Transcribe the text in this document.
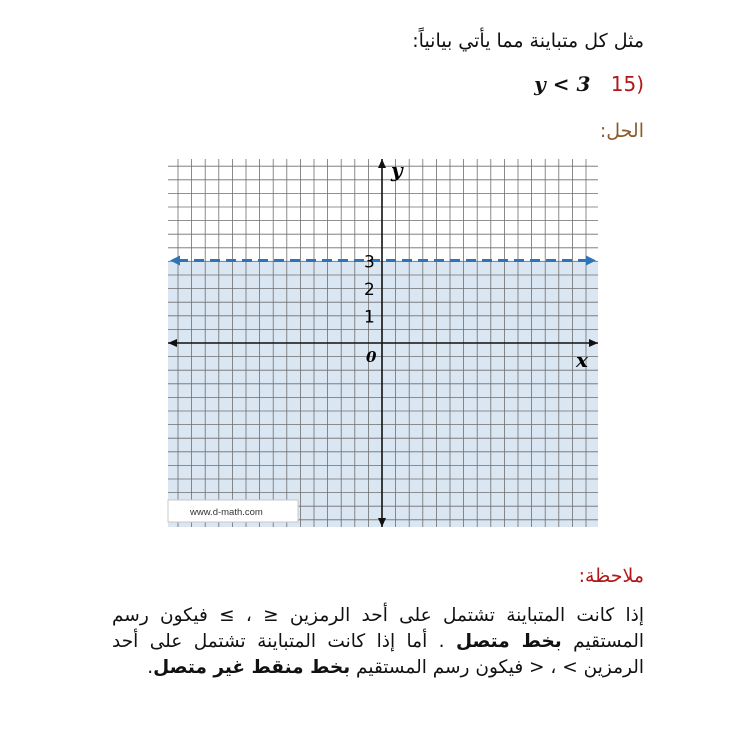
مثل كل متباينة مما يأتي بيانياً:
(15 y < 3
الحل:
y
x
0
1
2
3
www.d-math.com
ملاحظة:
إذا كانت المتباينة تشتمل على أحد الرمزين ≤ ، ≥ فيكون رسم المستقيم بخط متصل . أما إذا كانت المتباينة تشتمل على أحد الرمزين > ، < فيكون رسم المستقيم بخط منقط غير متصل.
